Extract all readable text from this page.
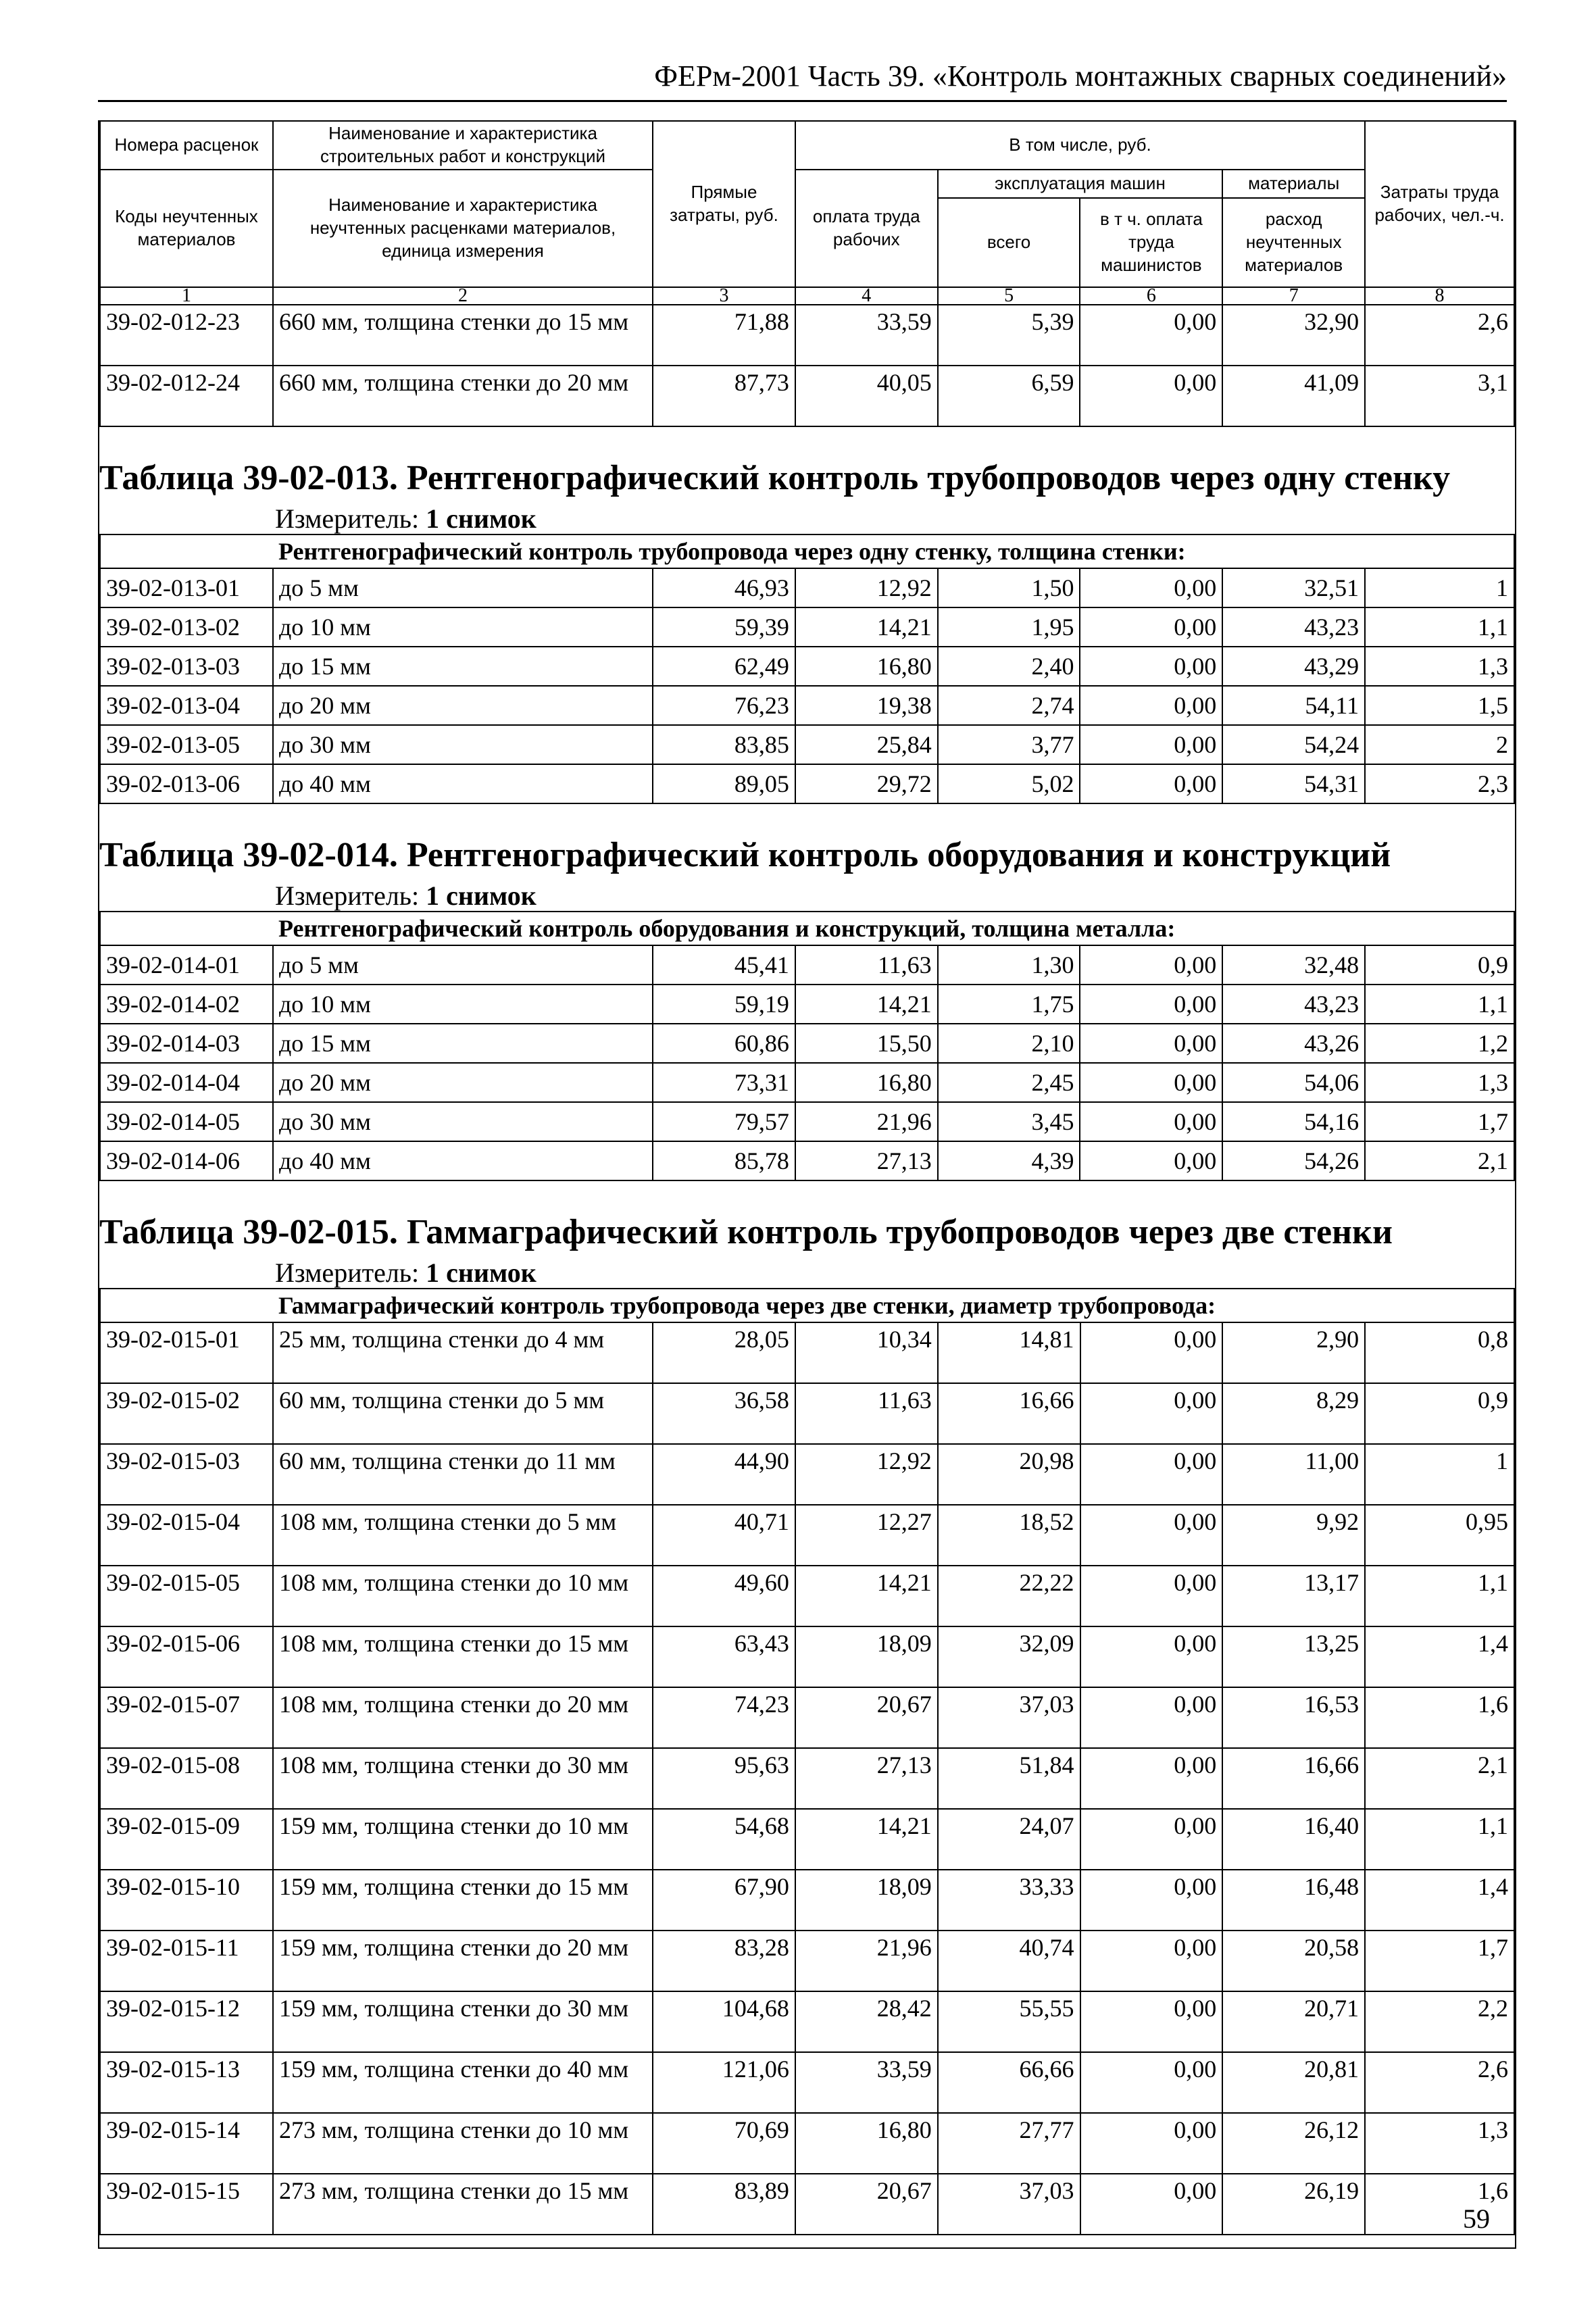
ФЕРм-2001 Часть 39. «Контроль монтажных сварных соединений»
Номера расценок	Наименование и характеристика строительных работ и конструкций	Прямые затраты, руб.	В том числе, руб.				Затраты труда рабочих, чел.-ч.
Коды неучтенных материалов	Наименование и характеристика неучтенных расценками материалов, единица измерения		оплата труда рабочих	эксплуатация машин		материалы	
				всего	в т ч. оплата труда машинистов	расход неучтенных материалов	
1	2	3	4	5	6	7	8
39-02-012-23	660 мм, толщина стенки до 15 мм	71,88	33,59	5,39	0,00	32,90	2,6
39-02-012-24	660 мм, толщина стенки до 20 мм	87,73	40,05	6,59	0,00	41,09	3,1
Таблица 39-02-013. Рентгенографический контроль трубопроводов через одну стенку
Измеритель: 1 снимок
	Рентгенографический контроль трубопровода через одну стенку, толщина стенки:						
39-02-013-01	до 5 мм	46,93	12,92	1,50	0,00	32,51	1
39-02-013-02	до 10 мм	59,39	14,21	1,95	0,00	43,23	1,1
39-02-013-03	до 15 мм	62,49	16,80	2,40	0,00	43,29	1,3
39-02-013-04	до 20 мм	76,23	19,38	2,74	0,00	54,11	1,5
39-02-013-05	до 30 мм	83,85	25,84	3,77	0,00	54,24	2
39-02-013-06	до 40 мм	89,05	29,72	5,02	0,00	54,31	2,3
Таблица 39-02-014. Рентгенографический контроль оборудования и конструкций
Измеритель: 1 снимок
	Рентгенографический контроль оборудования и конструкций, толщина металла:						
39-02-014-01	до 5 мм	45,41	11,63	1,30	0,00	32,48	0,9
39-02-014-02	до 10 мм	59,19	14,21	1,75	0,00	43,23	1,1
39-02-014-03	до 15 мм	60,86	15,50	2,10	0,00	43,26	1,2
39-02-014-04	до 20 мм	73,31	16,80	2,45	0,00	54,06	1,3
39-02-014-05	до 30 мм	79,57	21,96	3,45	0,00	54,16	1,7
39-02-014-06	до 40 мм	85,78	27,13	4,39	0,00	54,26	2,1
Таблица 39-02-015. Гаммаграфический контроль трубопроводов через две стенки
Измеритель: 1 снимок
	Гаммаграфический контроль трубопровода через две стенки, диаметр трубопровода:						
39-02-015-01	25 мм, толщина стенки до 4 мм	28,05	10,34	14,81	0,00	2,90	0,8
39-02-015-02	60 мм, толщина стенки до 5 мм	36,58	11,63	16,66	0,00	8,29	0,9
39-02-015-03	60 мм, толщина стенки до 11 мм	44,90	12,92	20,98	0,00	11,00	1
39-02-015-04	108 мм, толщина стенки до 5 мм	40,71	12,27	18,52	0,00	9,92	0,95
39-02-015-05	108 мм, толщина стенки до 10 мм	49,60	14,21	22,22	0,00	13,17	1,1
39-02-015-06	108 мм, толщина стенки до 15 мм	63,43	18,09	32,09	0,00	13,25	1,4
39-02-015-07	108 мм, толщина стенки до 20 мм	74,23	20,67	37,03	0,00	16,53	1,6
39-02-015-08	108 мм, толщина стенки до 30 мм	95,63	27,13	51,84	0,00	16,66	2,1
39-02-015-09	159 мм, толщина стенки до 10 мм	54,68	14,21	24,07	0,00	16,40	1,1
39-02-015-10	159 мм, толщина стенки до 15 мм	67,90	18,09	33,33	0,00	16,48	1,4
39-02-015-11	159 мм, толщина стенки до 20 мм	83,28	21,96	40,74	0,00	20,58	1,7
39-02-015-12	159 мм, толщина стенки до 30 мм	104,68	28,42	55,55	0,00	20,71	2,2
39-02-015-13	159 мм, толщина стенки до 40 мм	121,06	33,59	66,66	0,00	20,81	2,6
39-02-015-14	273 мм, толщина стенки до 10 мм	70,69	16,80	27,77	0,00	26,12	1,3
39-02-015-15	273 мм, толщина стенки до 15 мм	83,89	20,67	37,03	0,00	26,19	1,6
59
